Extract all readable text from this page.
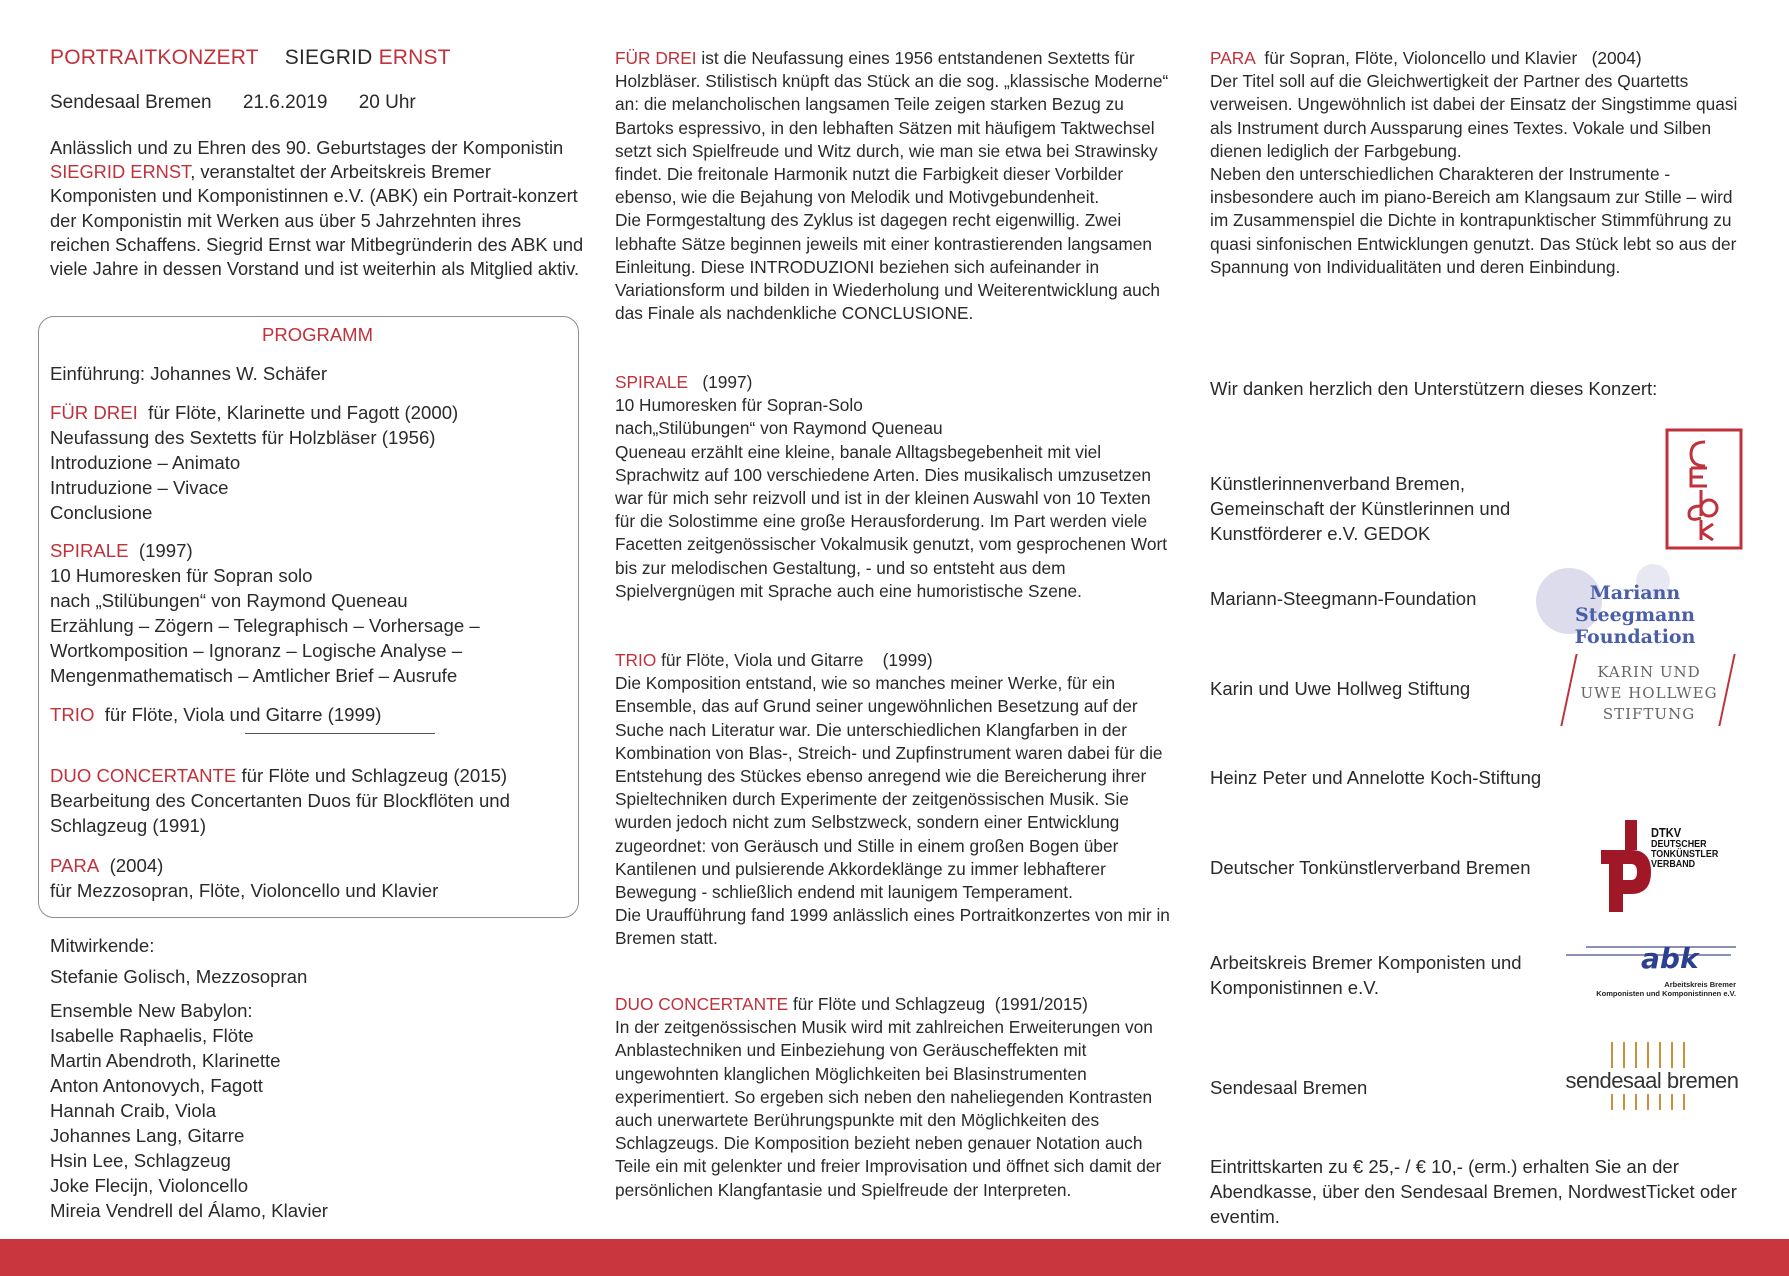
PORTRAITKONZERT SIEGRID ERNST
Sendesaal Bremen 21.6.2019 20 Uhr
Anlässlich und zu Ehren des 90. Geburtstages der Komponistin SIEGRID ERNST, veranstaltet der Arbeitskreis Bremer Komponisten und Komponistinnen e.V. (ABK) ein Portrait-konzert der Komponistin mit Werken aus über 5 Jahrzehnten ihres reichen Schaffens. Siegrid Ernst war Mitbegründerin des ABK und viele Jahre in dessen Vorstand und ist weiterhin als Mitglied aktiv.
PROGRAMM
Einführung: Johannes W. Schäfer
FÜR DREI für Flöte, Klarinette und Fagott (2000)
Neufassung des Sextetts für Holzbläser (1956)
Introduzione – Animato
Intruduzione – Vivace
Conclusione
SPIRALE (1997)
10 Humoresken für Sopran solo
nach „Stilübungen“ von Raymond Queneau
Erzählung – Zögern – Telegraphisch – Vorhersage –
Wortkomposition – Ignoranz – Logische Analyse –
Mengenmathematisch – Amtlicher Brief – Ausrufe
TRIO für Flöte, Viola und Gitarre (1999)
DUO CONCERTANTE für Flöte und Schlagzeug (2015)
Bearbeitung des Concertanten Duos für Blockflöten und
Schlagzeug (1991)
PARA (2004)
für Mezzosopran, Flöte, Violoncello und Klavier
Mitwirkende:
Stefanie Golisch, Mezzosopran
Ensemble New Babylon:
Isabelle Raphaelis, Flöte
Martin Abendroth, Klarinette
Anton Antonovych, Fagott
Hannah Craib, Viola
Johannes Lang, Gitarre
Hsin Lee, Schlagzeug
Joke Flecijn, Violoncello
Mireia Vendrell del Álamo, Klavier

FÜR DREI ist die Neufassung eines 1956 entstandenen Sextetts für Holzbläser. Stilistisch knüpft das Stück an die sog. „klassische Moderne“ an: die melancholischen langsamen Teile zeigen starken Bezug zu Bartoks espressivo, in den lebhaften Sätzen mit häufigem Taktwechsel setzt sich Spielfreude und Witz durch, wie man sie etwa bei Strawinsky findet. Die freitonale Harmonik nutzt die Farbigkeit dieser Vorbilder ebenso, wie die Bejahung von Melodik und Motivgebundenheit.

Die Formgestaltung des Zyklus ist dagegen recht eigenwillig. Zwei lebhafte Sätze beginnen jeweils mit einer kontrastierenden langsamen Einleitung. Diese INTRODUZIONI beziehen sich aufeinander in Variationsform und bilden in Wiederholung und Weiterentwicklung auch das Finale als nachdenkliche CONCLUSIONE.

SPIRALE   (1997)

10 Humoresken für Sopran-Solo

nach„Stilübungen“ von Raymond Queneau

Queneau erzählt eine kleine, banale Alltagsbegebenheit mit viel Sprachwitz auf 100 verschiedene Arten. Dies musikalisch umzusetzen war für mich sehr reizvoll und ist in der kleinen Auswahl von 10 Texten für die Solostimme eine große Herausforderung. Im Part werden viele Facetten zeitgenössischer Vokalmusik genutzt, vom gesprochenen Wort bis zur melodischen Gestaltung, - und so entsteht aus dem Spielvergnügen mit Sprache auch eine humoristische Szene.

TRIO für Flöte, Viola und Gitarre    (1999)

Die Komposition entstand, wie so manches meiner Werke, für ein Ensemble, das auf Grund seiner ungewöhnlichen Besetzung auf der Suche nach Literatur war. Die unterschiedlichen Klangfarben in der Kombination von Blas-, Streich- und Zupfinstrument waren dabei für die Entstehung des Stückes ebenso anregend wie die Bereicherung ihrer Spieltechniken durch Experimente der zeitgenössischen Musik. Sie wurden jedoch nicht zum Selbstzweck, sondern einer Entwicklung zugeordnet: von Geräusch und Stille in einem großen Bogen über Kantilenen und pulsierende Akkordeklänge zu immer lebhafterer Bewegung - schließlich endend mit launigem Temperament.

Die Uraufführung fand 1999 anlässlich eines Portraitkonzertes von mir in Bremen statt.

DUO CONCERTANTE für Flöte und Schlagzeug  (1991/2015)

In der zeitgenössischen Musik wird mit zahlreichen Erweiterungen von Anblastechniken und Einbeziehung von Geräuscheffekten mit ungewohnten klanglichen Möglichkeiten bei Blasinstrumenten experimentiert. So ergeben sich neben den naheliegenden Kontrasten auch unerwartete Berührungspunkte mit den Möglichkeiten des Schlagzeugs. Die Komposition bezieht neben genauer Notation auch Teile ein mit gelenkter und freier Improvisation und öffnet sich damit der persönlichen Klangfantasie und Spielfreude der Interpreten.

PARA  für Sopran, Flöte, Violoncello und Klavier   (2004)

Der Titel soll auf die Gleichwertigkeit der Partner des Quartetts verweisen. Ungewöhnlich ist dabei der Einsatz der Singstimme quasi als Instrument durch Aussparung eines Textes. Vokale und Silben dienen lediglich der Farbgebung.

Neben den unterschiedlichen Charakteren der Instrumente - insbesondere auch im piano-Bereich am Klangsaum zur Stille – wird im Zusammenspiel die Dichte in kontrapunktischer Stimmführung zu quasi sinfonischen Entwicklungen genutzt. Das Stück lebt so aus der Spannung von Individualitäten und deren Einbindung.

Wir danken herzlich den Unterstützern dieses Konzert:
Künstlerinnenverband Bremen, Gemeinschaft der Künstlerinnen und Kunstförderer e.V. GEDOK
Mariann-Steegmann-Foundation	Mariann Steegmann
Foundation
Karin und Uwe Hollweg Stiftung
KARIN UND
UWE HOLLWEG
STIFTUNG
Heinz Peter und Annelotte Koch-Stiftung
Deutscher Tonkünstlerverband Bremen
DTKV
DEUTSCHER
TONKÜNSTLER
VERBAND
Arbeitskreis Bremer Komponisten und Komponistinnen e.V.
abk
Arbeitskreis Bremer
Komponisten und Komponistinnen e.V.
Sendesaal Bremen	sendesaal bremen
Eintrittskarten zu € 25,- / € 10,- (erm.) erhalten Sie an der Abendkasse, über den Sendesaal Bremen, NordwestTicket oder eventim.
